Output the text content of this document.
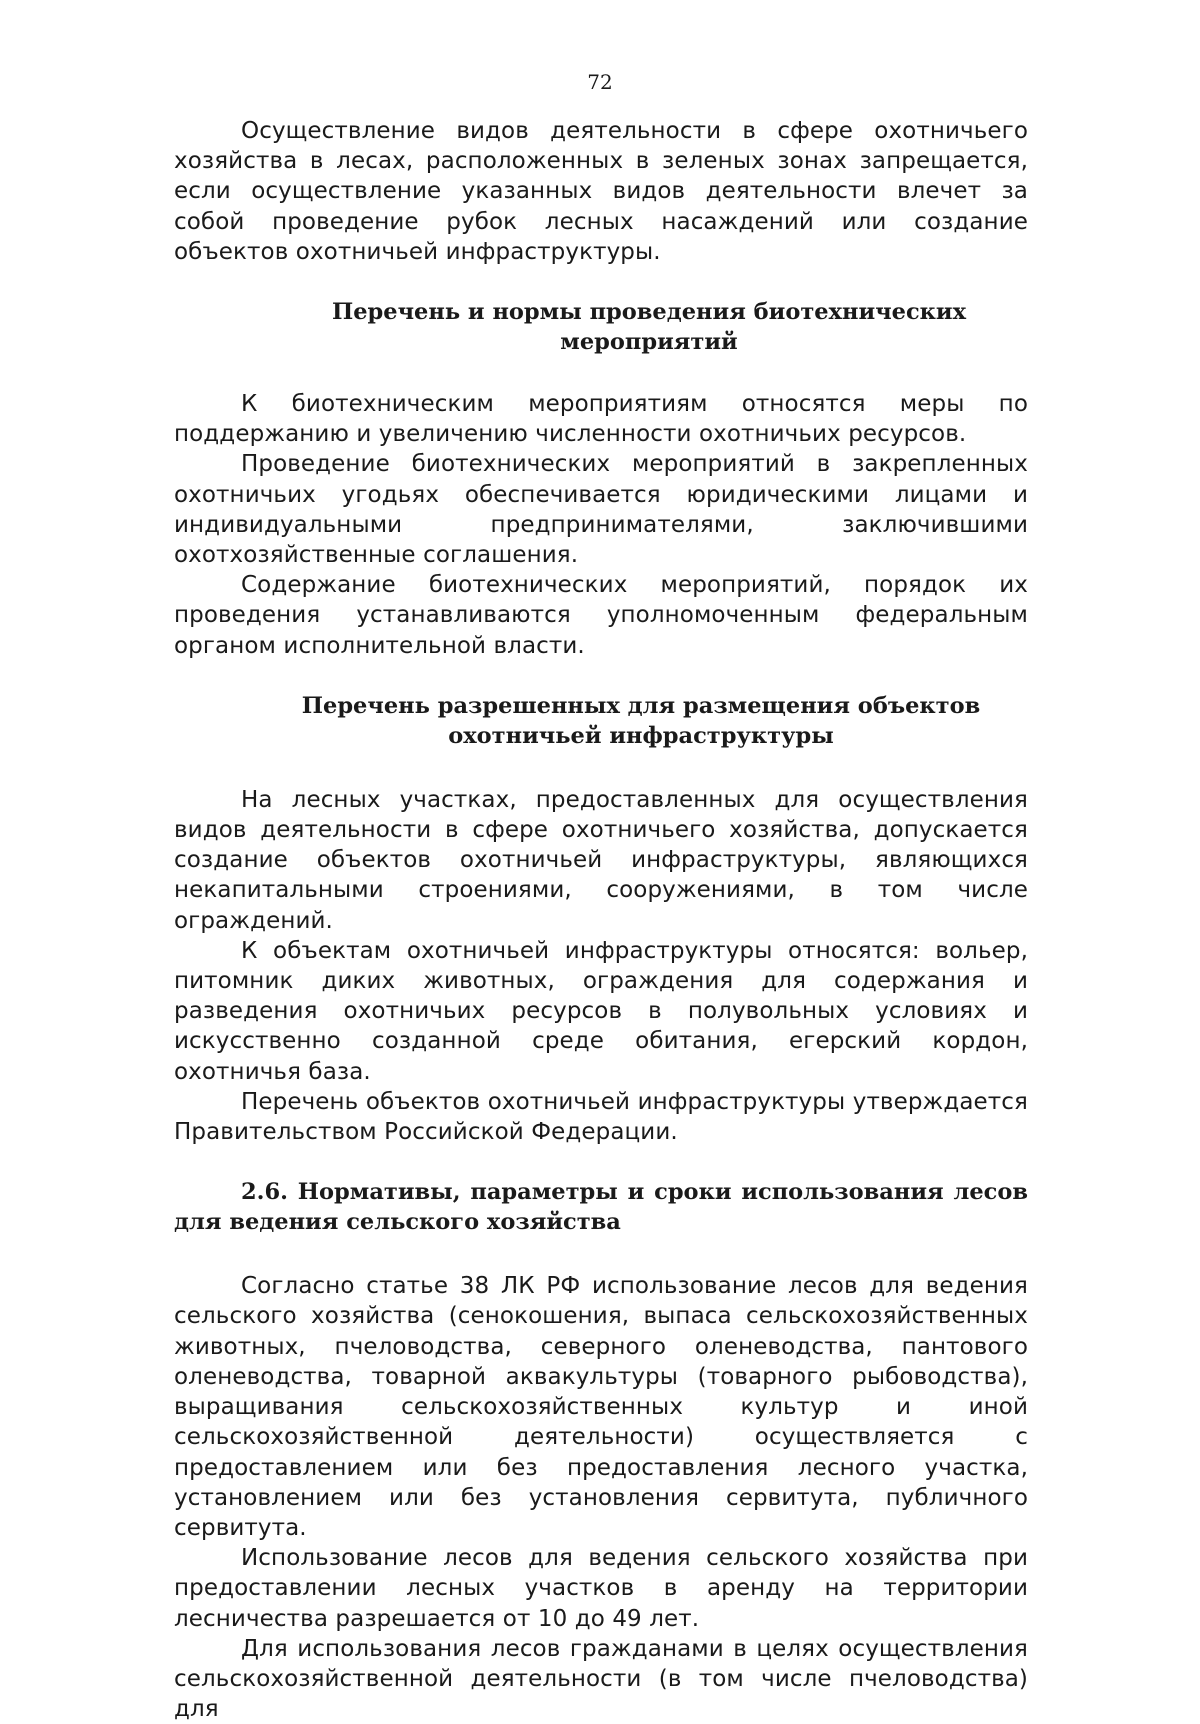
72

Осуществление видов деятельности в сфере охотничьего хозяйства в лесах, расположенных в зеленых зонах запрещается, если осуществление указанных видов деятельности влечет за собой проведение рубок лесных насаждений или создание объектов охотничьей инфраструктуры.

Перечень и нормы проведения биотехнических мероприятий

К биотехническим мероприятиям относятся меры по поддержанию и увеличению численности охотничьих ресурсов.

Проведение биотехнических мероприятий в закрепленных охотничьих угодьях обеспечивается юридическими лицами и индивидуальными предпринимателями, заключившими охотхозяйственные соглашения.

Содержание биотехнических мероприятий, порядок их проведения устанавливаются уполномоченным федеральным органом исполнительной власти.

Перечень разрешенных для размещения объектов
охотничьей инфраструктуры

На лесных участках, предоставленных для осуществления видов деятельности в сфере охотничьего хозяйства, допускается создание объектов охотничьей инфраструктуры, являющихся некапитальными строениями, сооружениями, в том числе ограждений.

К объектам охотничьей инфраструктуры относятся: вольер, питомник диких животных, ограждения для содержания и разведения охотничьих ресурсов в полувольных условиях и искусственно созданной среде обитания, егерский кордон, охотничья база.

Перечень объектов охотничьей инфраструктуры утверждается Правительством Российской Федерации.

2.6. Нормативы, параметры и сроки использования лесов для ведения сельского хозяйства

Согласно статье 38 ЛК РФ использование лесов для ведения сельского хозяйства (сенокошения, выпаса сельскохозяйственных животных, пчеловодства, северного оленеводства, пантового оленеводства, товарной аквакультуры (товарного рыбоводства), выращивания сельскохозяйственных культур и иной сельскохозяйственной деятельности) осуществляется с предоставлением или без предоставления лесного участка, установлением или без установления сервитута, публичного сервитута.

Использование лесов для ведения сельского хозяйства при предоставлении лесных участков в аренду на территории лесничества разрешается от 10 до 49 лет.

Для использования лесов гражданами в целях осуществления сельскохозяйственной деятельности (в том числе пчеловодства) для
